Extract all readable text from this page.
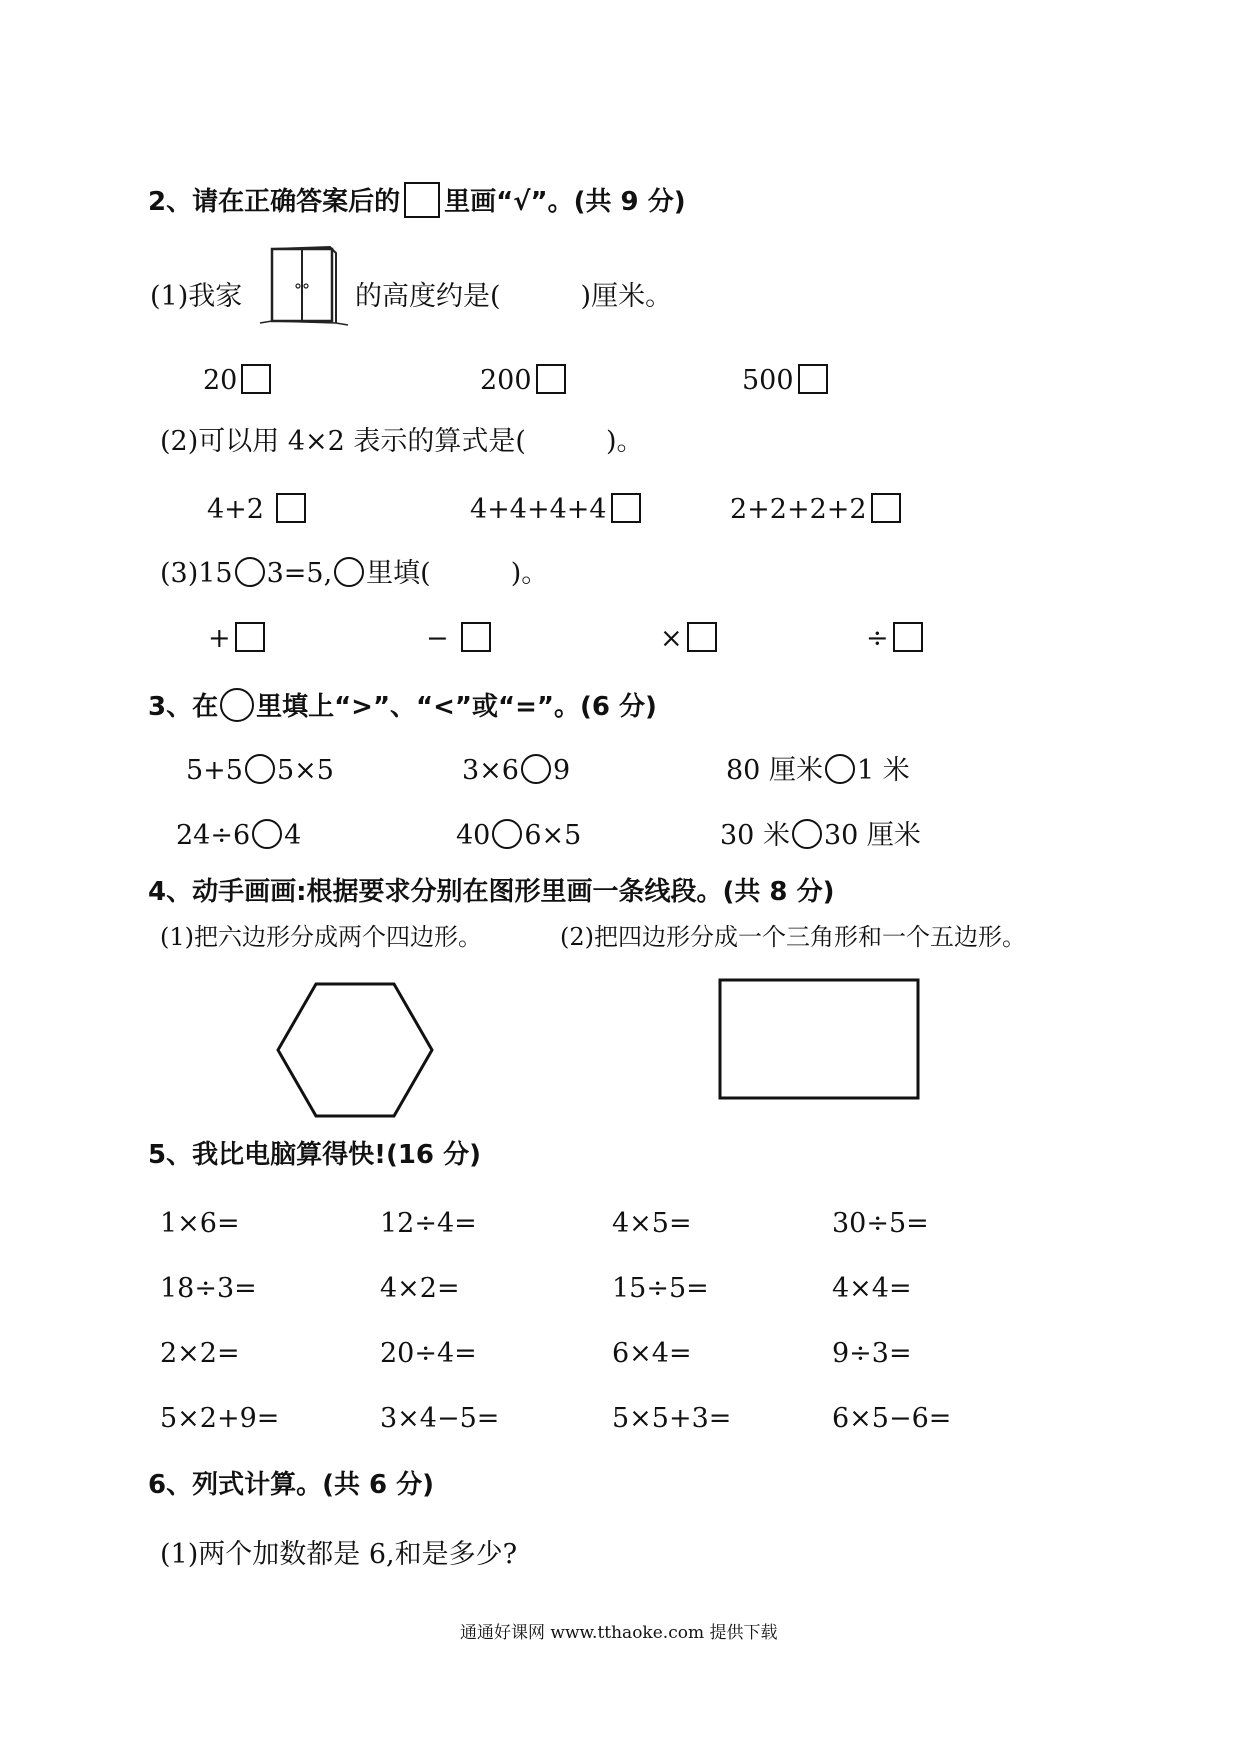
2、请在正确答案后的 里画“√”。(共 9 分)
(1)我家	的高度约是(	)厘米。
20	200	500
(2)可以用 4×2 表示的算式是(	)。
4+2	4+4+4+4	2+2+2+2
(3)15 3=5, 里填(	)。
+	−	×	÷
3、在 里填上“>”、“<”或“=”。(6 分)
5+5 5×5	3×6 9	80 厘米 1 米
24÷6 4	40 6×5	30 米 30 厘米
4、动手画画:根据要求分别在图形里画一条线段。(共 8 分)
(1)把六边形分成两个四边形。	(2)把四边形分成一个三角形和一个五边形。
5、我比电脑算得快!(16 分)
1×6=	12÷4=	4×5=	30÷5=
18÷3=	4×2=	15÷5=	4×4=
2×2=	20÷4=	6×4=	9÷3=
5×2+9=	3×4−5=	5×5+3=	6×5−6=
6、列式计算。(共 6 分)
(1)两个加数都是 6,和是多少?
通通好课网 www.tthaoke.com 提供下载
